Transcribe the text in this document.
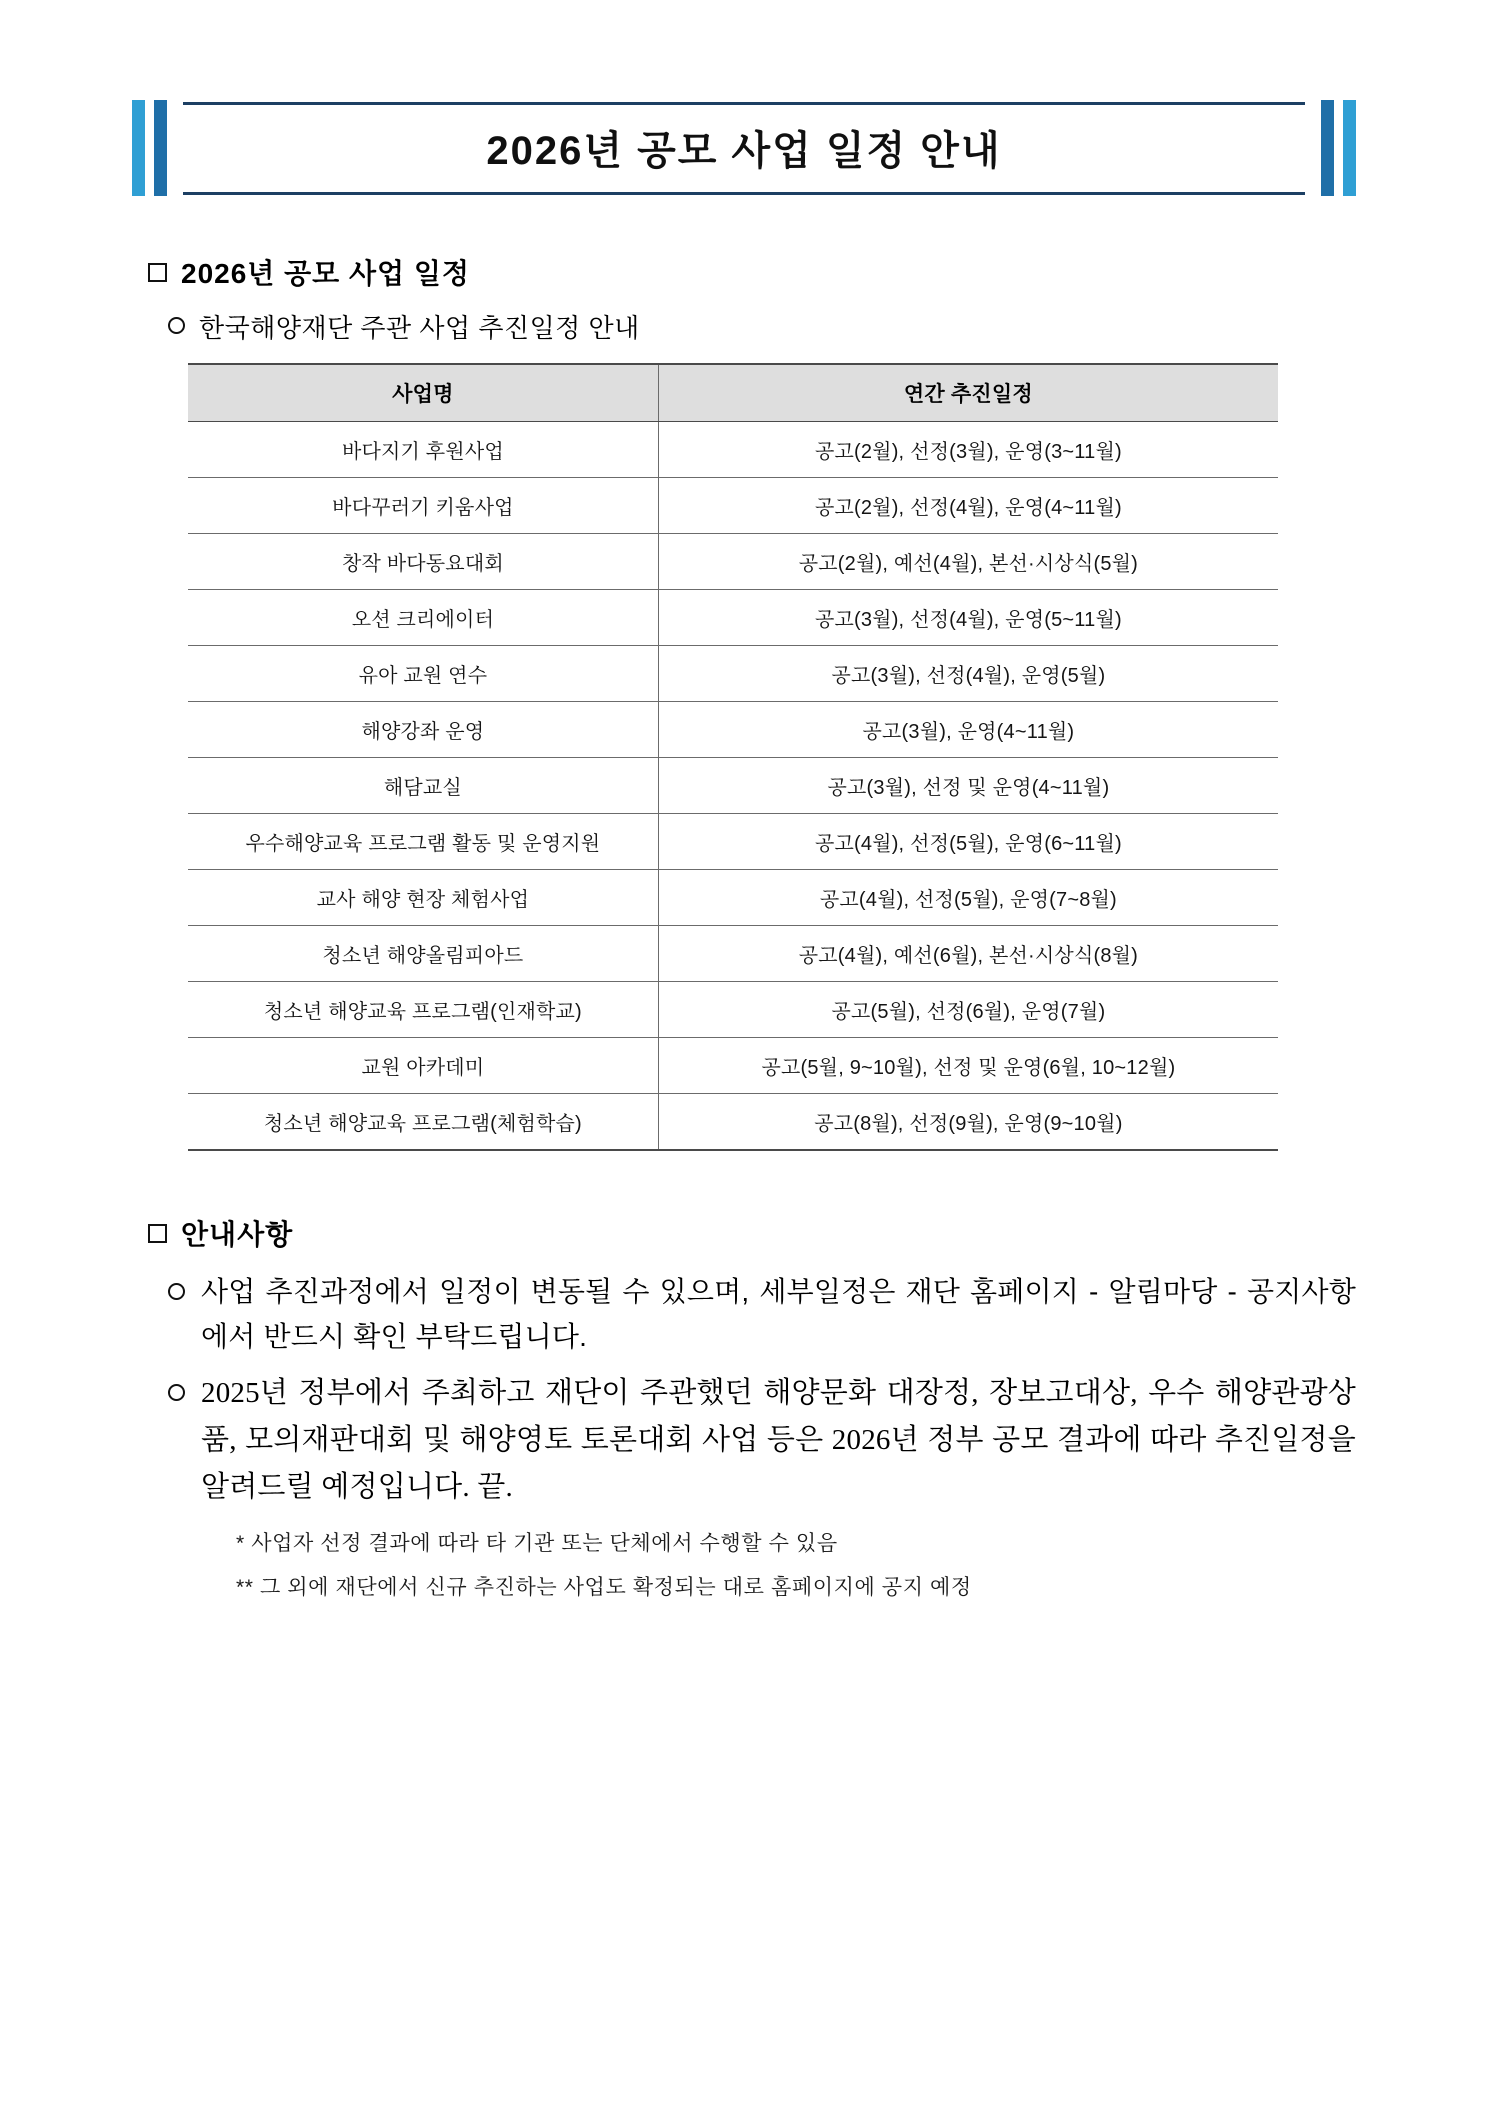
2026년 공모 사업 일정 안내
2026년 공모 사업 일정
한국해양재단 주관 사업 추진일정 안내
사업명	연간 추진일정
바다지기 후원사업	공고(2월), 선정(3월), 운영(3~11월)
바다꾸러기 키움사업	공고(2월), 선정(4월), 운영(4~11월)
창작 바다동요대회	공고(2월), 예선(4월), 본선·시상식(5월)
오션 크리에이터	공고(3월), 선정(4월), 운영(5~11월)
유아 교원 연수	공고(3월), 선정(4월), 운영(5월)
해양강좌 운영	공고(3월), 운영(4~11월)
해담교실	공고(3월), 선정 및 운영(4~11월)
우수해양교육 프로그램 활동 및 운영지원	공고(4월), 선정(5월), 운영(6~11월)
교사 해양 현장 체험사업	공고(4월), 선정(5월), 운영(7~8월)
청소년 해양올림피아드	공고(4월), 예선(6월), 본선·시상식(8월)
청소년 해양교육 프로그램(인재학교)	공고(5월), 선정(6월), 운영(7월)
교원 아카데미	공고(5월, 9~10월), 선정 및 운영(6월, 10~12월)
청소년 해양교육 프로그램(체험학습)	공고(8월), 선정(9월), 운영(9~10월)
안내사항
사업 추진과정에서 일정이 변동될 수 있으며, 세부일정은 재단 홈페이지 - 알림마당 - 공지사항에서 반드시 확인 부탁드립니다.
2025년 정부에서 주최하고 재단이 주관했던 해양문화 대장정, 장보고대상, 우수 해양관광상품, 모의재판대회 및 해양영토 토론대회 사업 등은 2026년 정부 공모 결과에 따라 추진일정을 알려드릴 예정입니다. 끝.
* 사업자 선정 결과에 따라 타 기관 또는 단체에서 수행할 수 있음
** 그 외에 재단에서 신규 추진하는 사업도 확정되는 대로 홈페이지에 공지 예정
